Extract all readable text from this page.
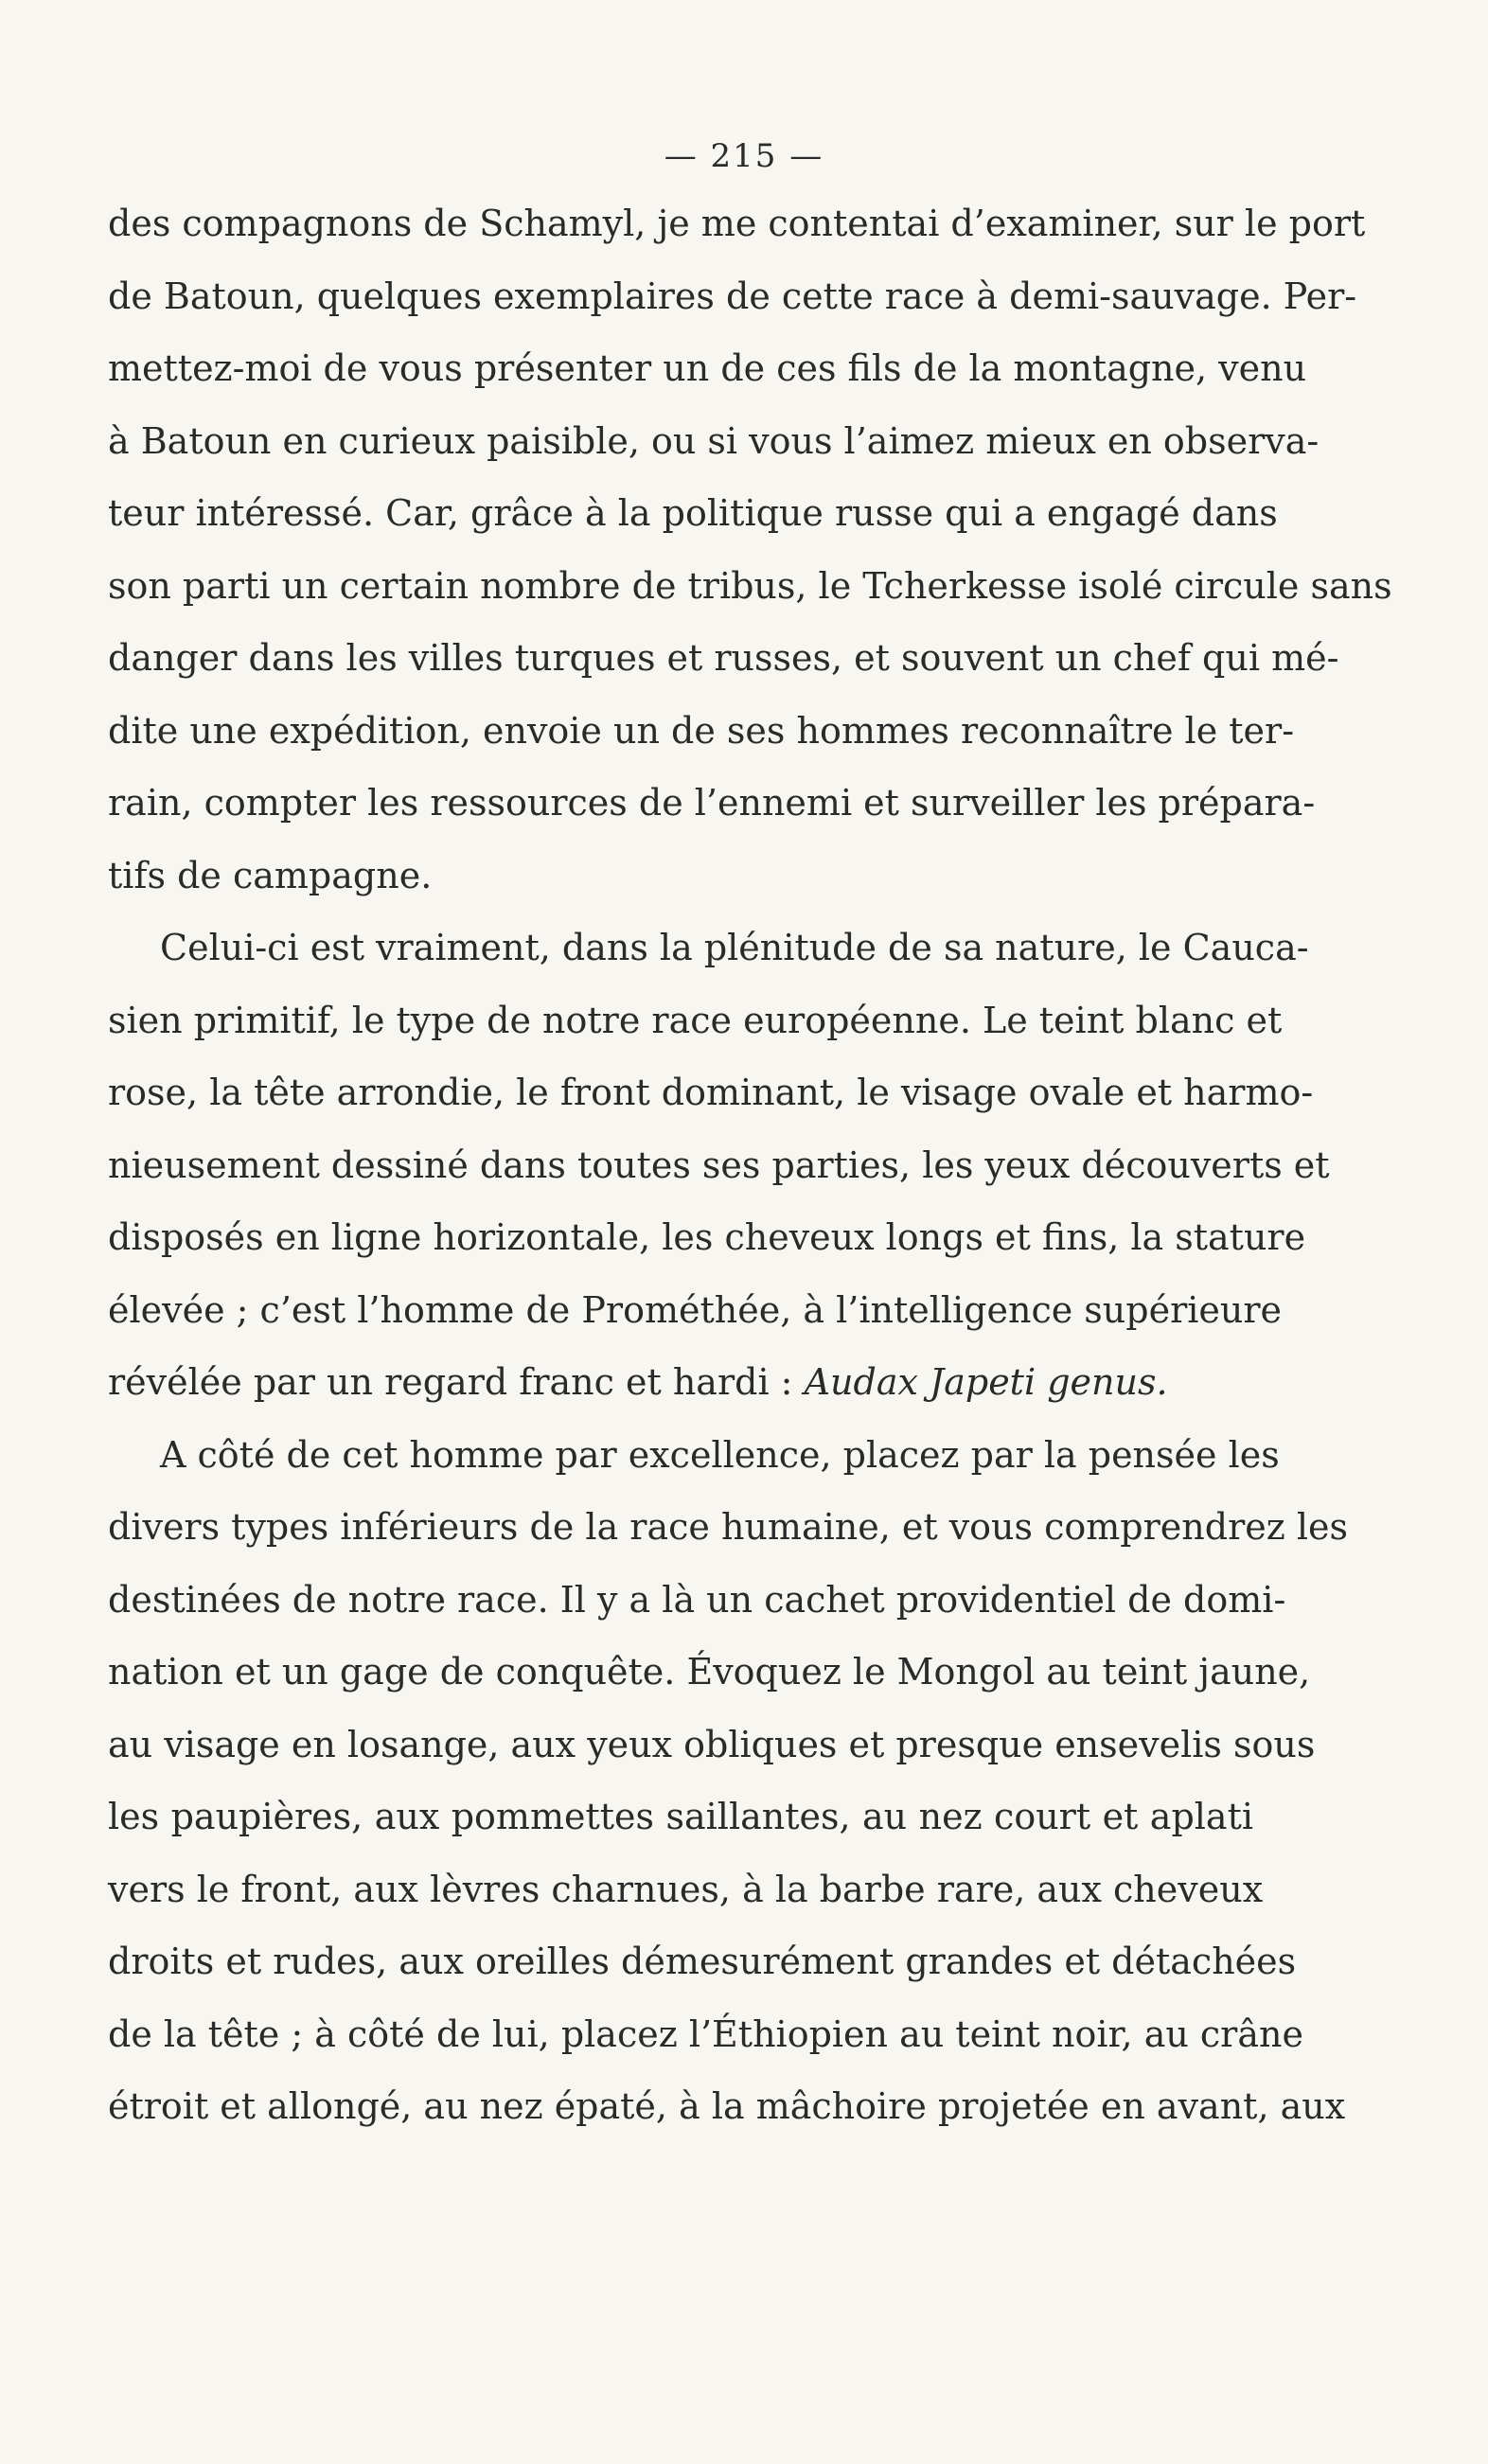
— 215 —
des compagnons de Schamyl, je me contentai d’examiner, sur le port
de Batoun, quelques exemplaires de cette race à demi-sauvage. Per-
mettez-moi de vous présenter un de ces fils de la montagne, venu
à Batoun en curieux paisible, ou si vous l’aimez mieux en observa-
teur intéressé. Car, grâce à la politique russe qui a engagé dans
son parti un certain nombre de tribus, le Tcherkesse isolé circule sans
danger dans les villes turques et russes, et souvent un chef qui mé-
dite une expédition, envoie un de ses hommes reconnaître le ter-
rain, compter les ressources de l’ennemi et surveiller les prépara-
tifs de campagne.
Celui-ci est vraiment, dans la plénitude de sa nature, le Cauca-
sien primitif, le type de notre race européenne. Le teint blanc et
rose, la tête arrondie, le front dominant, le visage ovale et harmo-
nieusement dessiné dans toutes ses parties, les yeux découverts et
disposés en ligne horizontale, les cheveux longs et fins, la stature
élevée ; c’est l’homme de Prométhée, à l’intelligence supérieure
révélée par un regard franc et hardi : Audax Japeti genus.
A côté de cet homme par excellence, placez par la pensée les
divers types inférieurs de la race humaine, et vous comprendrez les
destinées de notre race. Il y a là un cachet providentiel de domi-
nation et un gage de conquête. Évoquez le Mongol au teint jaune,
au visage en losange, aux yeux obliques et presque ensevelis sous
les paupières, aux pommettes saillantes, au nez court et aplati
vers le front, aux lèvres charnues, à la barbe rare, aux cheveux
droits et rudes, aux oreilles démesurément grandes et détachées
de la tête ; à côté de lui, placez l’Éthiopien au teint noir, au crâne
étroit et allongé, au nez épaté, à la mâchoire projetée en avant, aux
